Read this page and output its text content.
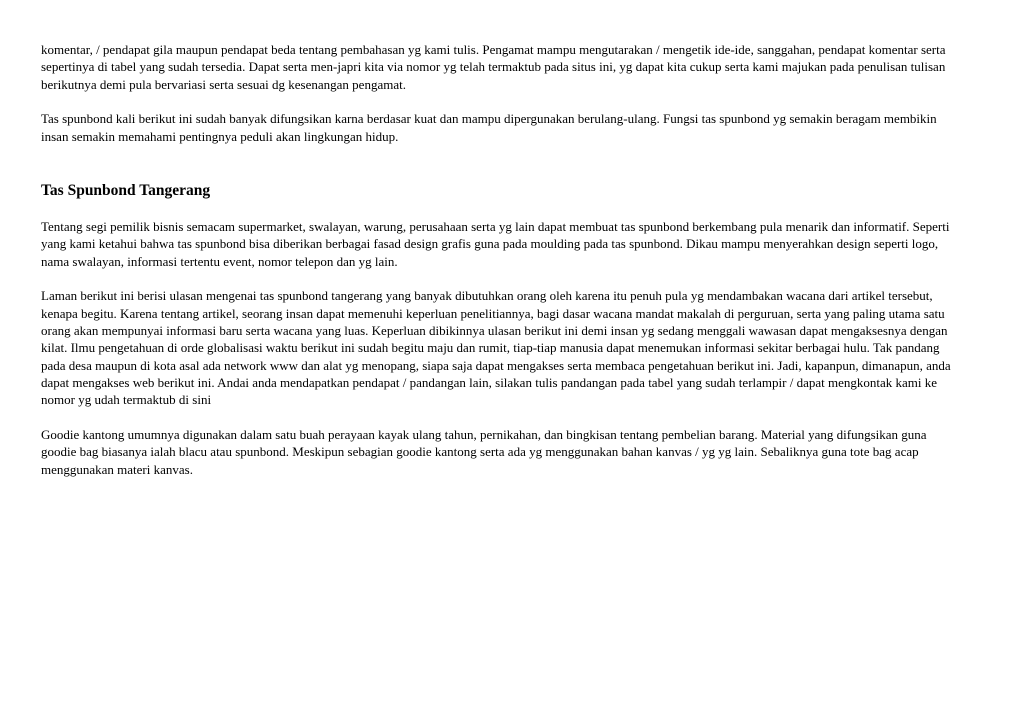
komentar, / pendapat gila maupun pendapat beda tentang pembahasan yg kami tulis. Pengamat mampu mengutarakan / mengetik ide-ide, sanggahan, pendapat komentar serta sepertinya di tabel yang sudah tersedia. Dapat serta men-japri kita via nomor yg telah termaktub pada situs ini, yg dapat kita cukup serta kami majukan pada penulisan tulisan berikutnya demi pula bervariasi serta sesuai dg kesenangan pengamat.

Tas spunbond kali berikut ini sudah banyak difungsikan karna berdasar kuat dan mampu dipergunakan berulang-ulang. Fungsi tas spunbond yg semakin beragam membikin insan semakin memahami pentingnya peduli akan lingkungan hidup.

Tas Spunbond Tangerang

Tentang segi pemilik bisnis semacam supermarket, swalayan, warung, perusahaan serta yg lain dapat membuat tas spunbond berkembang pula menarik dan informatif. Seperti yang kami ketahui bahwa tas spunbond bisa diberikan berbagai fasad design grafis guna pada moulding pada tas spunbond. Dikau mampu menyerahkan design seperti logo, nama swalayan, informasi tertentu event, nomor telepon dan yg lain.

Laman berikut ini berisi ulasan mengenai tas spunbond tangerang yang banyak dibutuhkan orang oleh karena itu penuh pula yg mendambakan wacana dari artikel tersebut, kenapa begitu. Karena tentang artikel, seorang insan dapat memenuhi keperluan penelitiannya, bagi dasar wacana mandat makalah di perguruan, serta yang paling utama satu orang akan mempunyai informasi baru serta wacana yang luas. Keperluan dibikinnya ulasan berikut ini demi insan yg sedang menggali wawasan dapat mengaksesnya dengan kilat. Ilmu pengetahuan di orde globalisasi waktu berikut ini sudah begitu maju dan rumit, tiap-tiap manusia dapat menemukan informasi sekitar berbagai hulu. Tak pandang pada desa maupun di kota asal ada network www dan alat yg menopang, siapa saja dapat mengakses serta membaca pengetahuan berikut ini. Jadi, kapanpun, dimanapun, anda dapat mengakses web berikut ini. Andai anda mendapatkan pendapat / pandangan lain, silakan tulis pandangan pada tabel yang sudah terlampir / dapat mengkontak kami ke nomor yg udah termaktub di sini

Goodie kantong umumnya digunakan dalam satu buah perayaan kayak ulang tahun, pernikahan, dan bingkisan tentang pembelian barang. Material yang difungsikan guna goodie bag biasanya ialah blacu atau spunbond. Meskipun sebagian goodie kantong serta ada yg menggunakan bahan kanvas / yg yg lain. Sebaliknya guna tote bag acap menggunakan materi kanvas.
